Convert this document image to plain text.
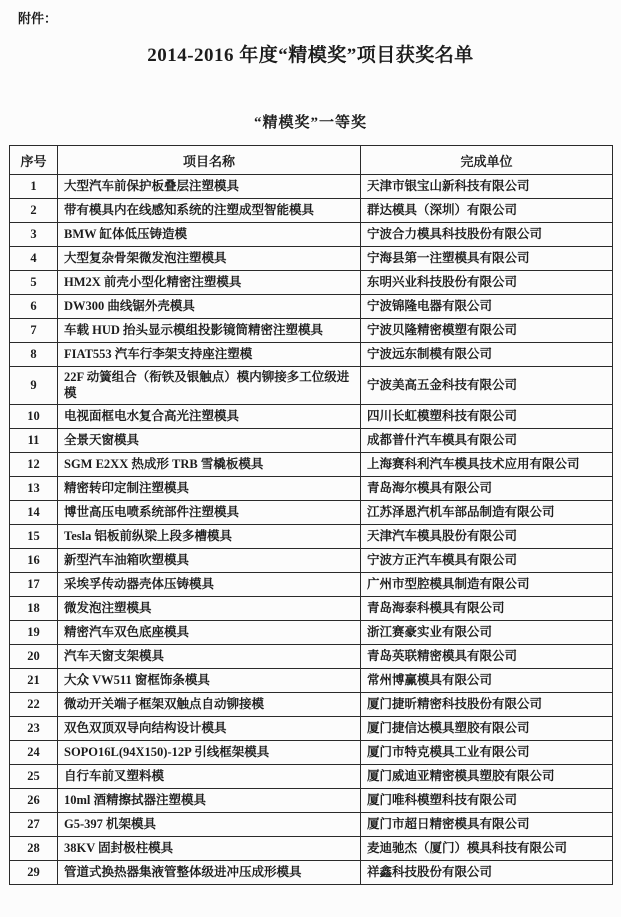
附件：
2014-2016 年度“精模奖”项目获奖名单
“精模奖”一等奖
序号	项目名称	完成单位
1	大型汽车前保护板叠层注塑模具	天津市银宝山新科技有限公司
2	带有模具内在线感知系统的注塑成型智能模具	群达模具（深圳）有限公司
3	BMW 缸体低压铸造模	宁波合力模具科技股份有限公司
4	大型复杂骨架微发泡注塑模具	宁海县第一注塑模具有限公司
5	HM2X 前壳小型化精密注塑模具	东明兴业科技股份有限公司
6	DW300 曲线锯外壳模具	宁波锦隆电器有限公司
7	车载 HUD 抬头显示模组投影镜筒精密注塑模具	宁波贝隆精密模塑有限公司
8	FIAT553 汽车行李架支持座注塑模	宁波远东制模有限公司
9	22F 动簧组合（衔铁及银触点）模内铆接多工位级进模	宁波美高五金科技有限公司
10	电视面框电水复合高光注塑模具	四川长虹模塑科技有限公司
11	全景天窗模具	成都普什汽车模具有限公司
12	SGM E2XX 热成形 TRB 雪橇板模具	上海赛科利汽车模具技术应用有限公司
13	精密转印定制注塑模具	青岛海尔模具有限公司
14	博世高压电喷系统部件注塑模具	江苏泽恩汽机车部品制造有限公司
15	Tesla 铝板前纵梁上段多槽模具	天津汽车模具股份有限公司
16	新型汽车油箱吹塑模具	宁波方正汽车模具有限公司
17	采埃孚传动器壳体压铸模具	广州市型腔模具制造有限公司
18	微发泡注塑模具	青岛海泰科模具有限公司
19	精密汽车双色底座模具	浙江赛豪实业有限公司
20	汽车天窗支架模具	青岛英联精密模具有限公司
21	大众 VW511 窗框饰条模具	常州博赢模具有限公司
22	微动开关端子框架双触点自动铆接模	厦门捷昕精密科技股份有限公司
23	双色双顶双导向结构设计模具	厦门捷信达模具塑胶有限公司
24	SOPO16L(94X150)-12P 引线框架模具	厦门市特克模具工业有限公司
25	自行车前叉塑料模	厦门威迪亚精密模具塑胶有限公司
26	10ml 酒精擦拭器注塑模具	厦门唯科模塑科技有限公司
27	G5-397 机架模具	厦门市超日精密模具有限公司
28	38KV 固封极柱模具	麦迪驰杰（厦门）模具科技有限公司
29	管道式换热器集液管整体级进冲压成形模具	祥鑫科技股份有限公司
